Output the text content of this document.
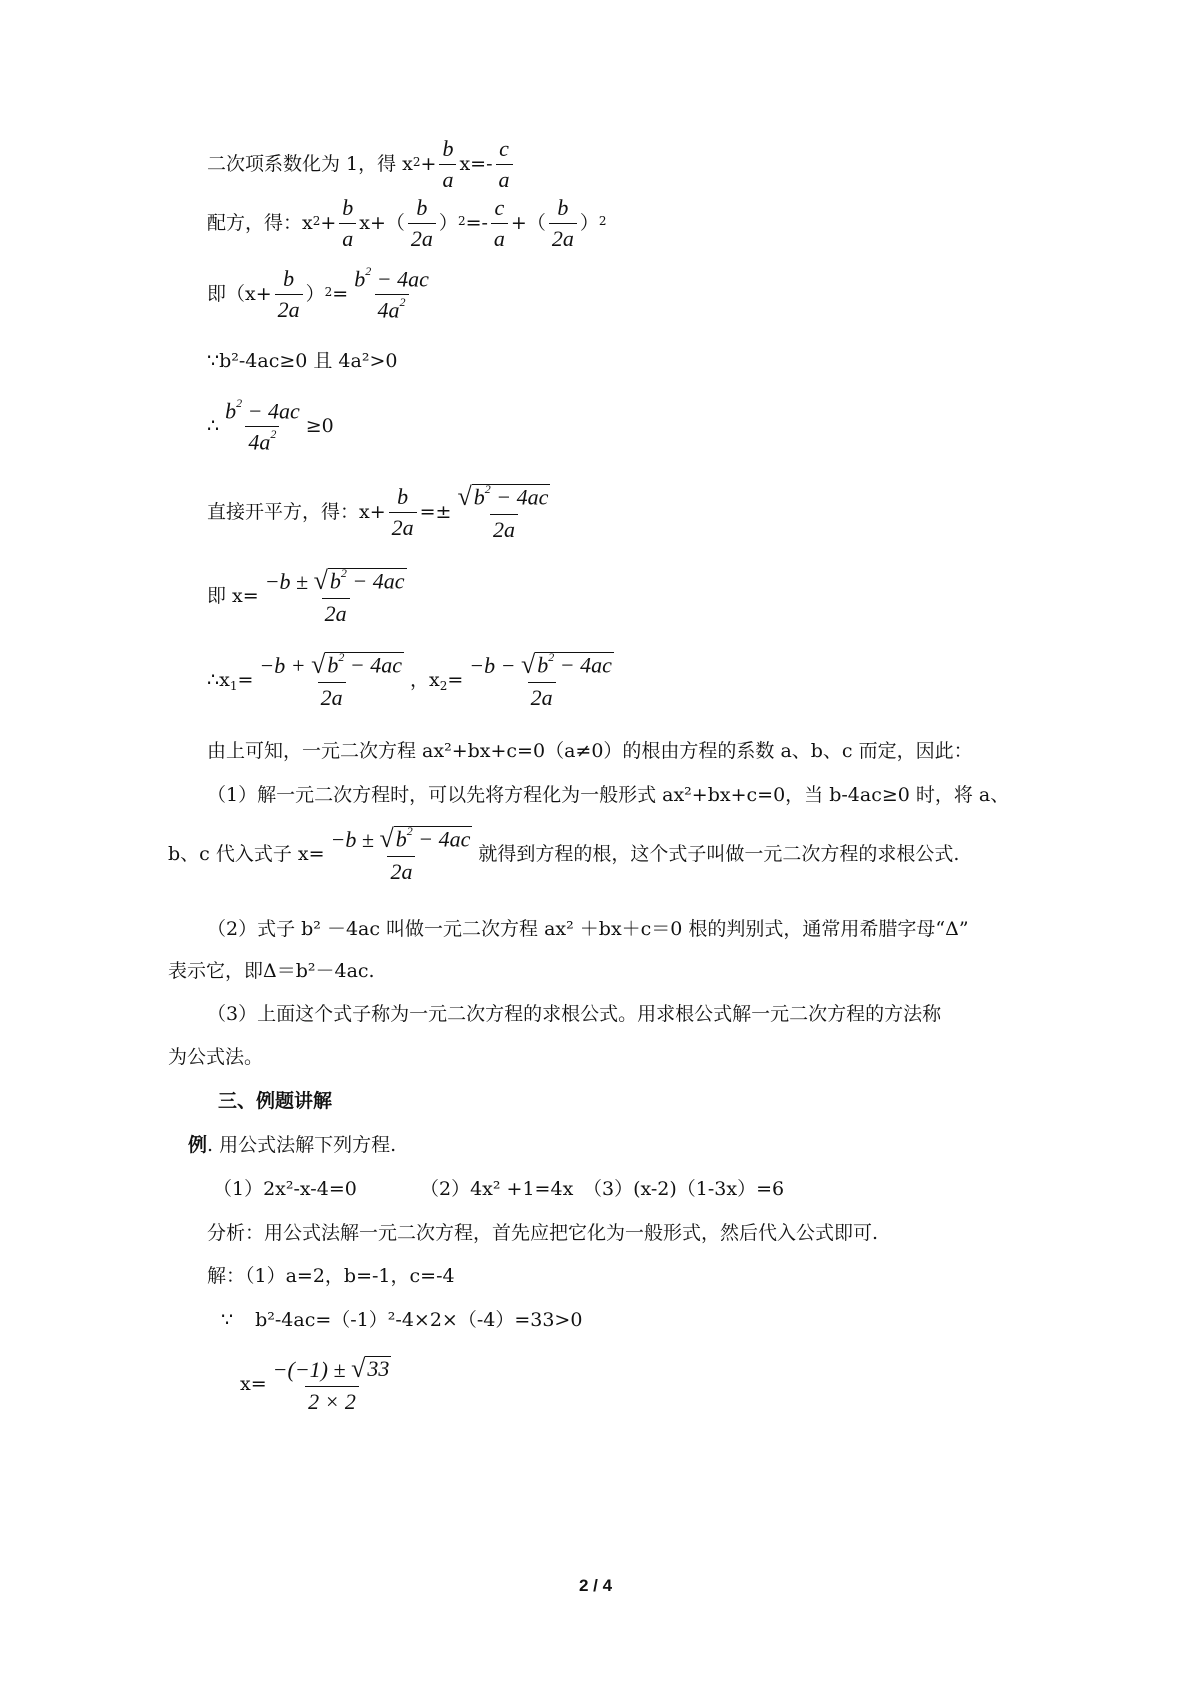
二次项系数化为 1，得 x $2 + \frac{b}{a} x=- \frac{c}{a}$
配方，得：x $2 + \frac{b}{a} x+( \frac{b}{2a}$ ） $2 =- \frac{c}{a}$ +（ $\frac{b}{2a}$ ） 2
即（$x+ \frac{b}{2a}$ ） $2 = \frac{b^2 - 4ac}{4a^2}$
∵b²-4ac≥0 且 4a²>0
∴ $\frac{b^2 - 4ac}{4a^2} \ge 0$
直接开平方，得：$x+ \frac{b}{2a} =\pm \frac{√ b^2 - 4ac}{2a}$
即 $x= \frac{-b \pm √ b^2 - 4ac}{2a}$
∴x $1 = \frac{-b + √ b^2 - 4ac}{2a}$ ，x $2 = \frac{-b - √ b^2 - 4ac}{2a}$
由上可知，一元二次方程 ax²+bx+c=0（a≠0）的根由方程的系数 a、b、c 而定，因此：
（1）解一元二次方程时，可以先将方程化为一般形式 ax²+bx+c=0，当 b-4ac≥0 时，将 a、
b、c 代入式子 $x= \frac{-b \pm √ b^2 - 4ac}{2a}$ 就得到方程的根，这个式子叫做一元二次方程的求根公式.
（2）式子 b² －4ac 叫做一元二次方程 ax² ＋bx＋c＝0 根的判别式，通常用希腊字母“Δ”
表示它，即Δ＝b²－4ac.
（3）上面这个式子称为一元二次方程的求根公式。用求根公式解一元二次方程的方法称
为公式法。
三、例题讲解
例 . 用公式法解下列方程.
（1）2x²-x-4=0	（2）4x² +1=4x （3）(x-2)（1-3x）=6
分析：用公式法解一元二次方程，首先应把它化为一般形式，然后代入公式即可.
解：（1）a=2，b=-1，c=-4
∵ b²-4ac=（-1）²-4×2×（-4）=33>0
$x= \frac{-(-1) \pm √ 33}{2 \times 2}$
2 / 4
